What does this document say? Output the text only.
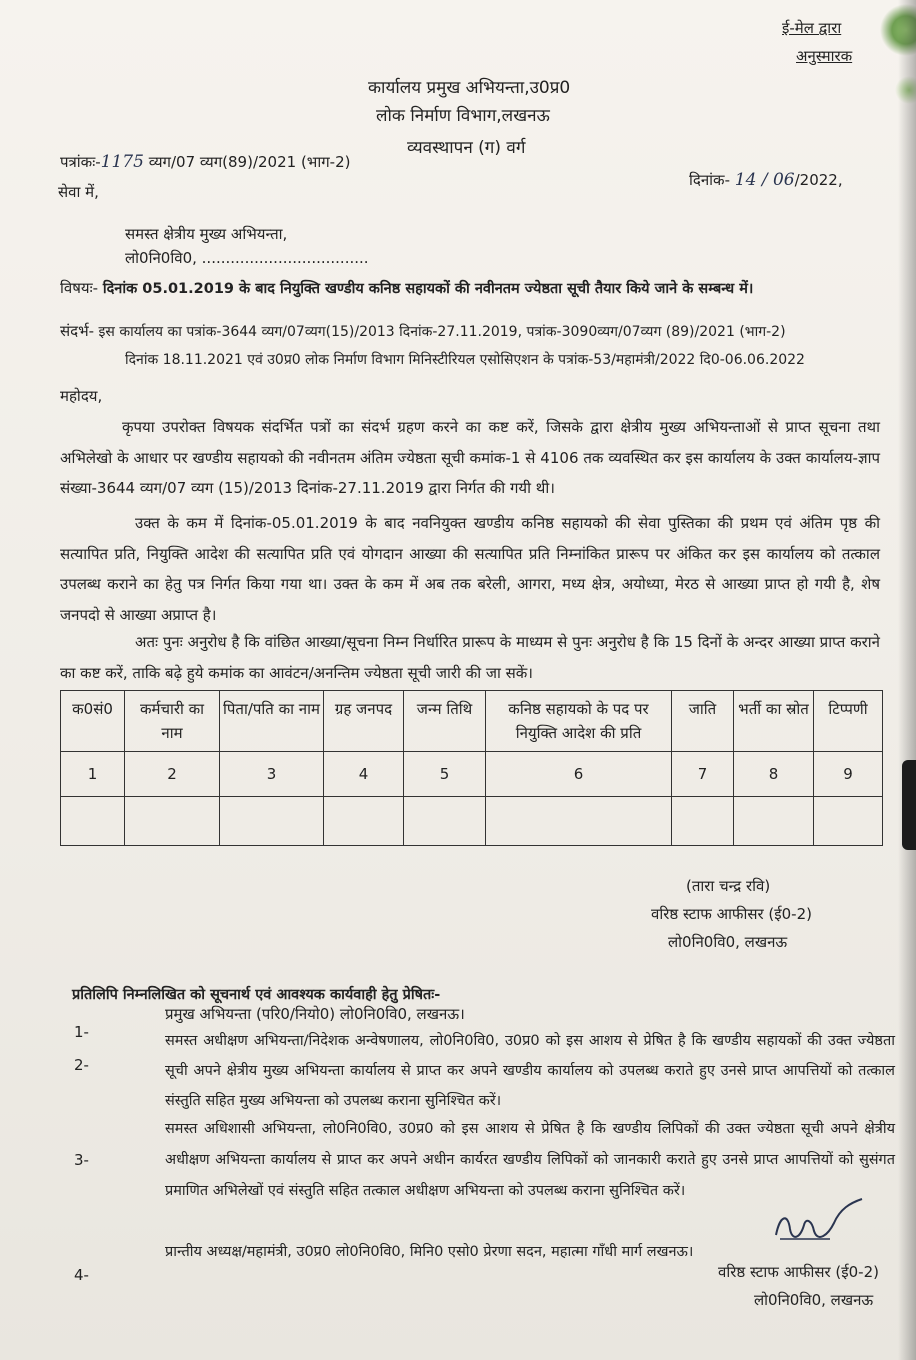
ई-मेल द्वारा
अनुस्मारक
कार्यालय प्रमुख अभियन्ता,उ0प्र0
लोक निर्माण विभाग,लखनऊ
व्यवस्थापन (ग) वर्ग
पत्रांकः-1175 व्यग/07 व्यग(89)/2021 (भाग-2)
दिनांक- 14 / 06/2022,
सेवा में,
समस्त क्षेत्रीय मुख्य अभियन्ता,
लो0नि0वि0, ...................................
विषयः- दिनांक 05.01.2019 के बाद नियुक्ति खण्डीय कनिष्ठ सहायकों की नवीनतम ज्येष्ठता सूची तैयार किये जाने के सम्बन्ध में।
संदर्भ- इस कार्यालय का पत्रांक-3644 व्यग/07व्यग(15)/2013 दिनांक-27.11.2019, पत्रांक-3090व्यग/07व्यग (89)/2021 (भाग-2)
दिनांक 18.11.2021 एवं उ0प्र0 लोक निर्माण विभाग मिनिस्टीरियल एसोसिएशन के पत्रांक-53/महामंत्री/2022 दि0-06.06.2022
महोदय,

कृपया उपरोक्त विषयक संदर्भित पत्रों का संदर्भ ग्रहण करने का कष्ट करें, जिसके द्वारा क्षेत्रीय मुख्य अभियन्ताओं से प्राप्त सूचना तथा अभिलेखो के आधार पर खण्डीय सहायको की नवीनतम अंतिम ज्येष्ठता सूची कमांक-1 से 4106 तक व्यवस्थित कर इस कार्यालय के उक्त कार्यालय-ज्ञाप संख्या-3644 व्यग/07 व्यग (15)/2013 दिनांक-27.11.2019 द्वारा निर्गत की गयी थी।

उक्त के कम में दिनांक-05.01.2019 के बाद नवनियुक्त खण्डीय कनिष्ठ सहायको की सेवा पुस्तिका की प्रथम एवं अंतिम पृष्ठ की सत्यापित प्रति, नियुक्ति आदेश की सत्यापित प्रति एवं योगदान आख्या की सत्यापित प्रति निम्नांकित प्रारूप पर अंकित कर इस कार्यालय को तत्काल उपलब्ध कराने का हेतु पत्र निर्गत किया गया था। उक्त के कम में अब तक बरेली, आगरा, मध्य क्षेत्र, अयोध्या, मेरठ से आख्या प्राप्त हो गयी है, शेष जनपदो से आख्या अप्राप्त है।

अतः पुनः अनुरोध है कि वांछित आख्या/सूचना निम्न निर्धारित प्रारूप के माध्यम से पुनः अनुरोध है कि 15 दिनों के अन्दर आख्या प्राप्त कराने का कष्ट करें, ताकि बढ़े हुये कमांक का आवंटन/अनन्तिम ज्येष्ठता सूची जारी की जा सकें।

क0सं0	कर्मचारी का नाम	पिता/पति का नाम	ग्रह जनपद	जन्म तिथि	कनिष्ठ सहायको के पद पर नियुक्ति आदेश की प्रति	जाति	भर्ती का स्रोत	टिप्पणी
1	2	3	4	5	6	7	8	9

(तारा चन्द्र रवि)
वरिष्ठ स्टाफ आफीसर (ई0-2)
लो0नि0वि0, लखनऊ
प्रतिलिपि निम्नलिखित को सूचनार्थ एवं आवश्यक कार्यवाही हेतु प्रेषितः-
1-
प्रमुख अभियन्ता (परि0/नियो0) लो0नि0वि0, लखनऊ।
2-

समस्त अधीक्षण अभियन्ता/निदेशक अन्वेषणालय, लो0नि0वि0, उ0प्र0 को इस आशय से प्रेषित है कि खण्डीय सहायकों की उक्त ज्येष्ठता सूची अपने क्षेत्रीय मुख्य अभियन्ता कार्यालय से प्राप्त कर अपने खण्डीय कार्यालय को उपलब्ध कराते हुए उनसे प्राप्त आपत्तियों को तत्काल संस्तुति सहित मुख्य अभियन्ता को उपलब्ध कराना सुनिश्चित करें।

3-

समस्त अधिशासी अभियन्ता, लो0नि0वि0, उ0प्र0 को इस आशय से प्रेषित है कि खण्डीय लिपिकों की उक्त ज्येष्ठता सूची अपने क्षेत्रीय अधीक्षण अभियन्ता कार्यालय से प्राप्त कर अपने अधीन कार्यरत खण्डीय लिपिकों को जानकारी कराते हुए उनसे प्राप्त आपत्तियों को सुसंगत प्रमाणित अभिलेखों एवं संस्तुति सहित तत्काल अधीक्षण अभियन्ता को उपलब्ध कराना सुनिश्चित करें।

4-
प्रान्तीय अध्यक्ष/महामंत्री, उ0प्र0 लो0नि0वि0, मिनि0 एसो0 प्रेरणा सदन, महात्मा गाँधी मार्ग लखनऊ।
वरिष्ठ स्टाफ आफीसर (ई0-2)
लो0नि0वि0, लखनऊ
